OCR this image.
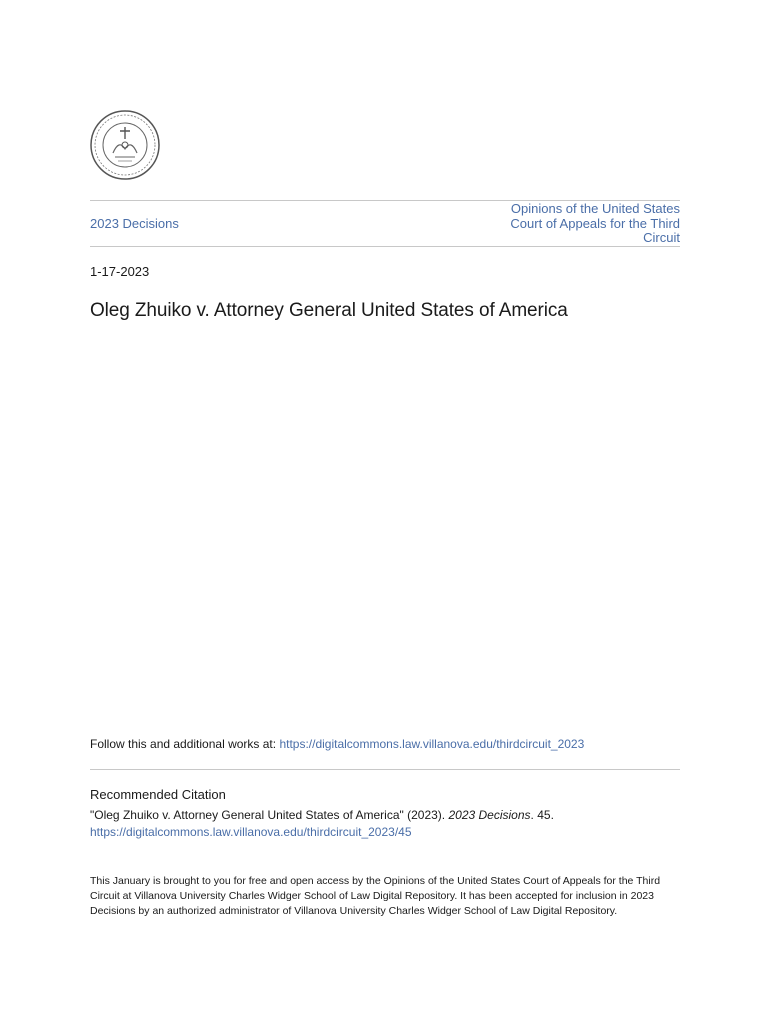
2023 Decisions
Opinions of the United States Court of Appeals for the Third Circuit
1-17-2023
Oleg Zhuiko v. Attorney General United States of America
Follow this and additional works at: https://digitalcommons.law.villanova.edu/thirdcircuit_2023
Recommended Citation
"Oleg Zhuiko v. Attorney General United States of America" (2023). 2023 Decisions. 45.
https://digitalcommons.law.villanova.edu/thirdcircuit_2023/45
This January is brought to you for free and open access by the Opinions of the United States Court of Appeals for the Third Circuit at Villanova University Charles Widger School of Law Digital Repository. It has been accepted for inclusion in 2023 Decisions by an authorized administrator of Villanova University Charles Widger School of Law Digital Repository.
